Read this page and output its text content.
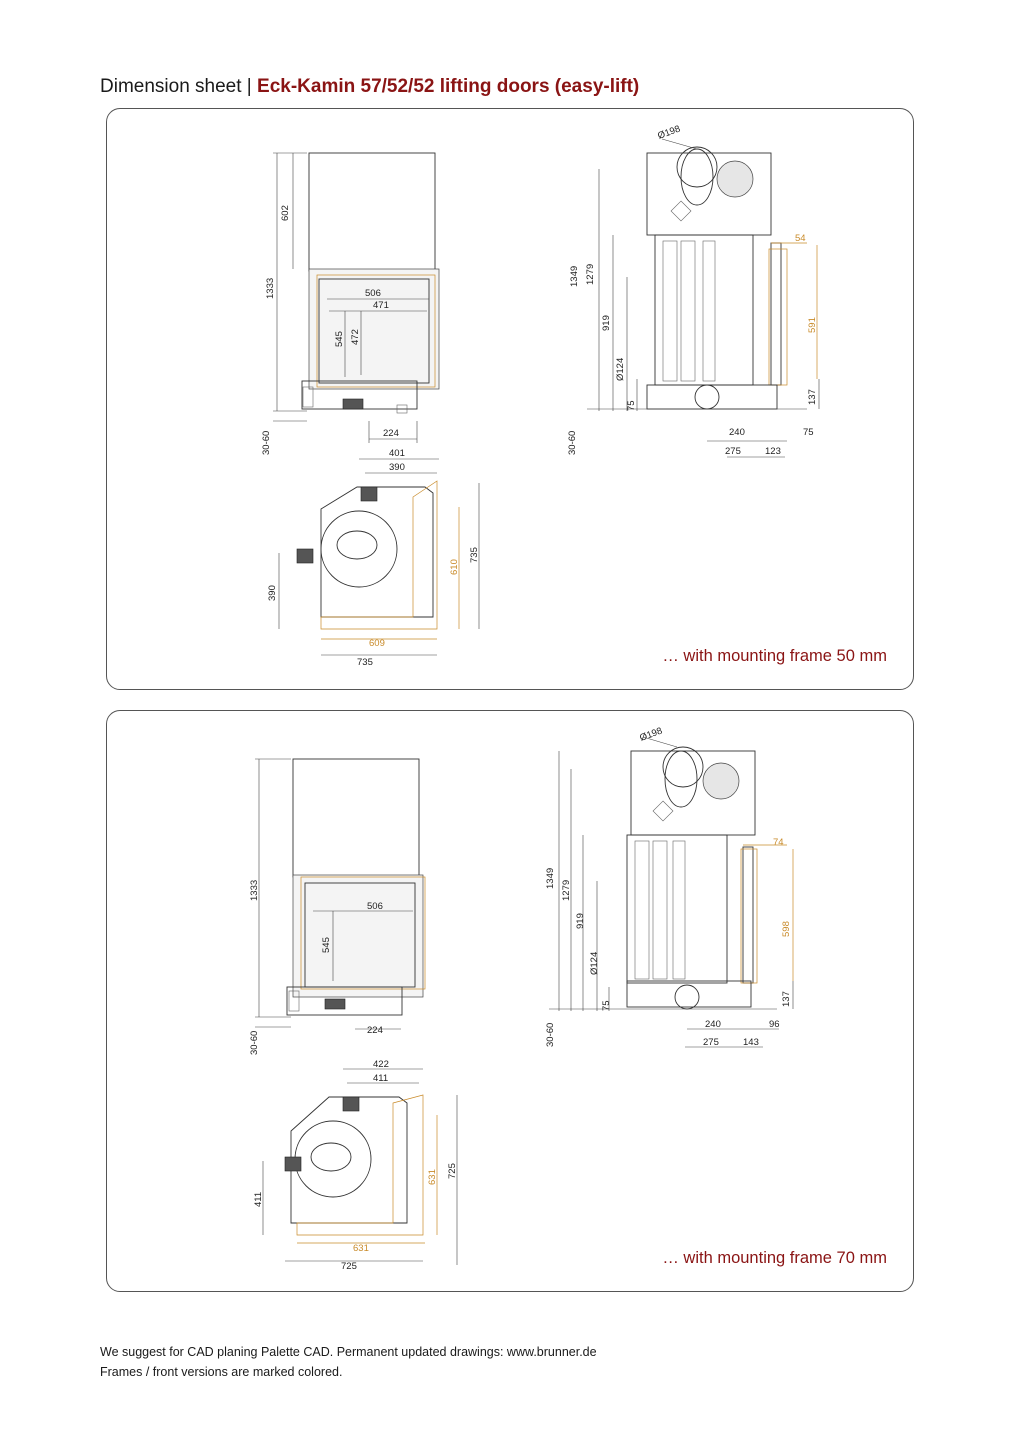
Dimension sheet | Eck-Kamin 57/52/52 lifting doors (easy-lift)
1333
602
506
471
545 472
224
30-60
Ø198
1349 1279
919
Ø124
75
54
591
137
240	75
275	123
30-60
401
390
610
735
390
609
735	… with mounting frame 50 mm
1333
506
545
224
30-60
Ø198
1349
1279
919
Ø124
75
74
598
137
240	96
275	143
30-60
422
411
631 725
411
631
725	… with mounting frame 70 mm
We suggest for CAD planing Palette CAD. Permanent updated drawings: www.brunner.de
Frames / front versions are marked colored.
